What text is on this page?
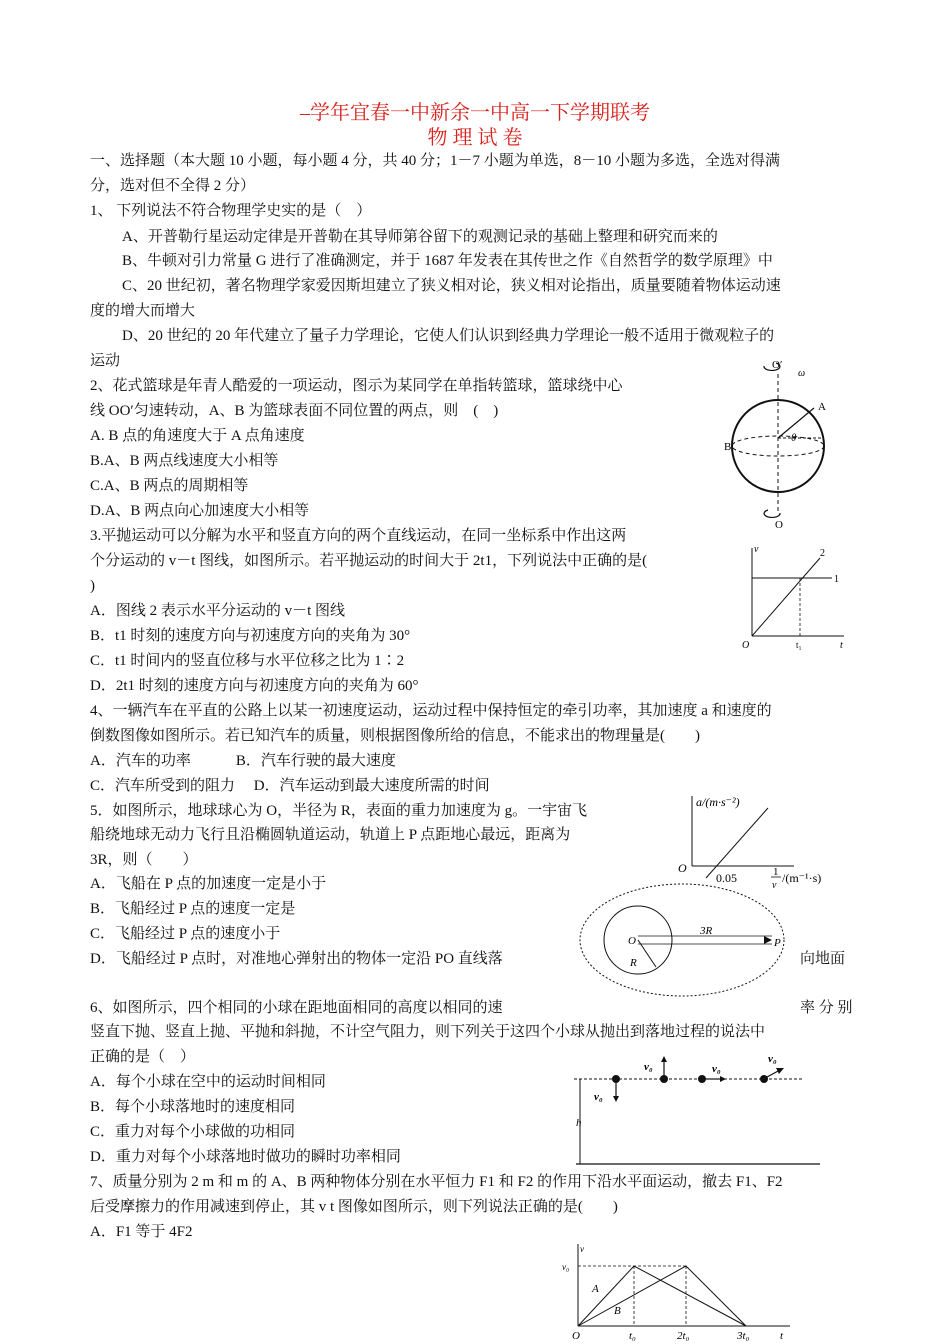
–学年宜春一中新余一中高一下学期联考
物 理 试 卷
一、选择题（本大题 10 小题，每小题 4 分，共 40 分；1－7 小题为单选，8－10 小题为多选，全选对得满
分，选对但不全得 2 分）
1、 下列说法不符合物理学史实的是（　）
A、开普勒行星运动定律是开普勒在其导师第谷留下的观测记录的基础上整理和研究而来的
B、牛顿对引力常量 G 进行了准确测定，并于 1687 年发表在其传世之作《自然哲学的数学原理》中
C、20 世纪初，著名物理学家爱因斯坦建立了狭义相对论，狭义相对论指出，质量要随着物体运动速
度的增大而增大
D、20 世纪的 20 年代建立了量子力学理论，它使人们认识到经典力学理论一般不适用于微观粒子的
运动
2、花式篮球是年青人酷爱的一项运动，图示为某同学在单指转篮球，篮球绕中心
线 OO′匀速转动，A、B 为篮球表面不同位置的两点，则　(　)
A. B 点的角速度大于 A 点角速度
B.A、B 两点线速度大小相等
C.A、B 两点的周期相等
D.A、B 两点向心加速度大小相等
O′
ω
A
B
θ
O
3.平抛运动可以分解为水平和竖直方向的两个直线运动，在同一坐标系中作出这两
个分运动的 v－t 图线，如图所示。若平抛运动的时间大于 2t1，下列说法中正确的是(
)
A．图线 2 表示水平分运动的 v－t 图线
B．t1 时刻的速度方向与初速度方向的夹角为 30°
C．t1 时间内的竖直位移与水平位移之比为 1∶2
D．2t1 时刻的速度方向与初速度方向的夹角为 60°
v
O	t₁	t
1
2
4、一辆汽车在平直的公路上以某一初速度运动，运动过程中保持恒定的牵引功率，其加速度 a 和速度的
倒数图像如图所示。若已知汽车的质量，则根据图像所给的信息，不能求出的物理量是(　　)
A．汽车的功率　　　B．汽车行驶的最大速度
C．汽车所受到的阻力　 D．汽车运动到最大速度所需的时间
a/(m·s⁻²)
O
0.05	1
v
/(m⁻¹·s)
5．如图所示，地球球心为 O，半径为 R，表面的重力加速度为 g。一宇宙飞
船绕地球无动力飞行且沿椭圆轨道运动，轨道上 P 点距地心最远，距离为
3R，则（　　）
A．飞船在 P 点的加速度一定是小于
B．飞船经过 P 点的速度一定是
C．飞船经过 P 点的速度小于
D．飞船经过 P 点时，对准地心弹射出的物体一定沿 PO 直线落	向地面
O
R
3R
P
6、如图所示，四个相同的小球在距地面相同的高度以相同的速	率 分 别
竖直下抛、竖直上抛、平抛和斜抛，不计空气阻力，则下列关于这四个小球从抛出到落地过程的说法中
正确的是（　）
A．每个小球在空中的运动时间相同
B．每个小球落地时的速度相同
C．重力对每个小球做的功相同
D．重力对每个小球落地时做功的瞬时功率相同
v₀
v₀	v₀
v₀
h
7、质量分别为 2 m 和 m 的 A、B 两种物体分别在水平恒力 F1 和 F2 的作用下沿水平面运动，撤去 F1、F2
后受摩擦力的作用减速到停止，其 v t 图像如图所示，则下列说法正确的是(　　)
A．F1 等于 4F2
v
v₀
A
B
O	t₀	2t₀	3t₀	t
